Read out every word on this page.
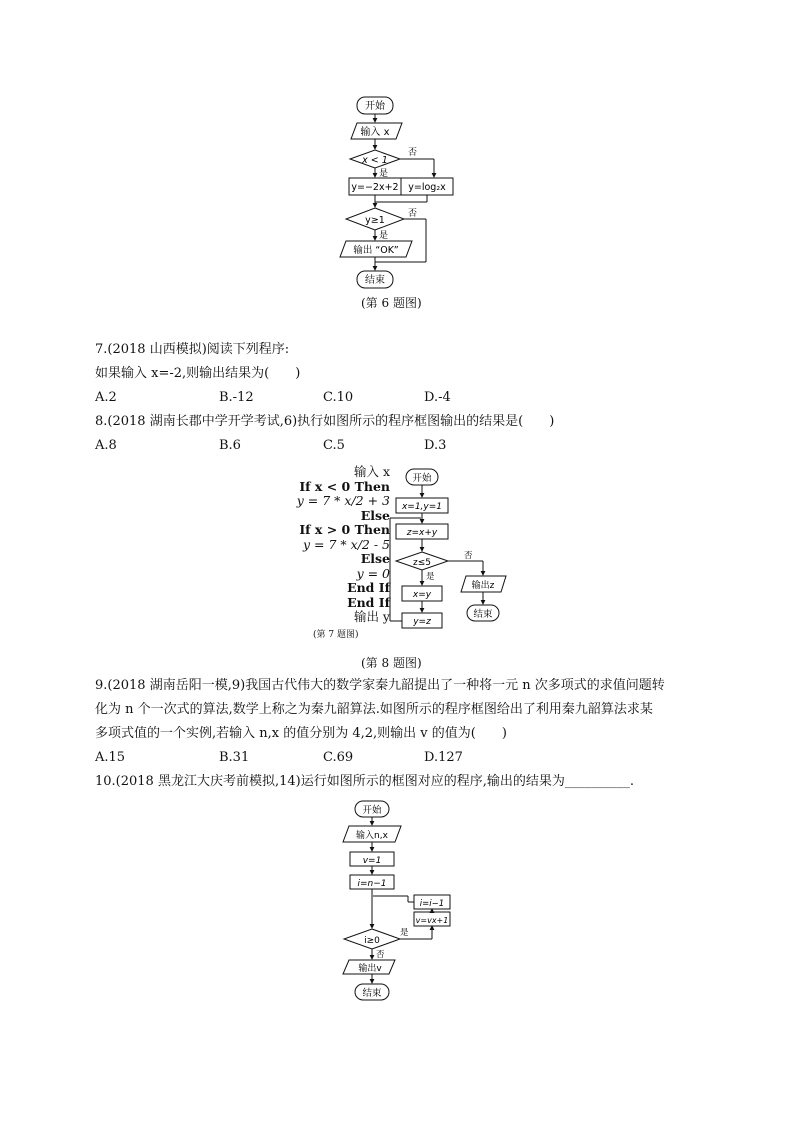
开始
输入 x
x < 1
否
是
y=−2x+2 y=log₂x
y≥1
否
是
输出 “OK”
结束
(第 6 题图)
7.(2018 山西模拟)阅读下列程序:
如果输入 x=-2,则输出结果为(　　)
A.2	B.-12	C.10	D.-4
8.(2018 湖南长郡中学开学考试,6)执行如图所示的程序框图输出的结果是(　　)
A.8	B.6	C.5	D.3
输入 x
If x < 0 Then
y = 7 * x/2 + 3
Else
If x > 0 Then
y = 7 * x/2 - 5
Else
y = 0
End If
End If
输出 y
(第 7 题图)
开始
x=1,y=1
z=x+y
z≤5
否
是
输出z
结束
x=y
y=z
(第 8 题图)
9.(2018 湖南岳阳一模,9)我国古代伟大的数学家秦九韶提出了一种将一元 n 次多项式的求值问题转
化为 n 个一次式的算法,数学上称之为秦九韶算法.如图所示的程序框图给出了利用秦九韶算法求某
多项式值的一个实例,若输入 n,x 的值分别为 4,2,则输出 v 的值为(　　)
A.15	B.31	C.69	D.127
10.(2018 黑龙江大庆考前模拟,14)运行如图所示的框图对应的程序,输出的结果为__________.
开始
输入n,x
v=1
i=n−1
i=i−1
v=vx+1
i≥0
是
否
输出v
结束
